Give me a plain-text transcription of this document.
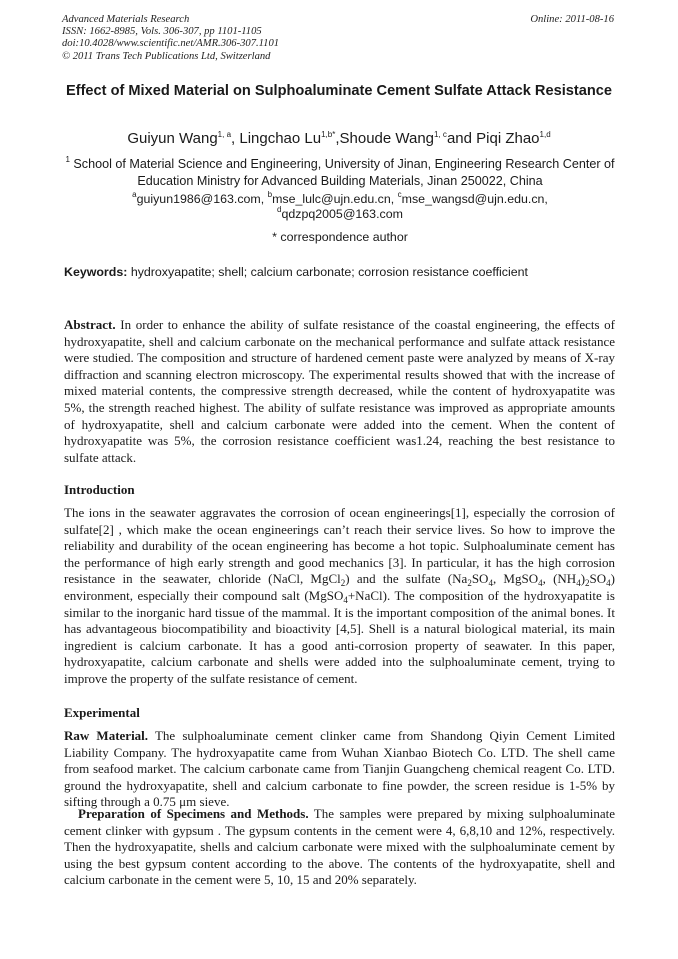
Advanced Materials Research
ISSN: 1662-8985, Vols. 306-307, pp 1101-1105
doi:10.4028/www.scientific.net/AMR.306-307.1101
© 2011 Trans Tech Publications Ltd, Switzerland
Online: 2011-08-16
Effect of Mixed Material on Sulphoaluminate Cement Sulfate Attack Resistance
Guiyun Wang$^{1, a}$, Lingchao $Lu^{1,b*},Shoude$ Wang$^{1, c}$and Piqi Zhao$^{1,d}$
$^1$ School of Material Science and Engineering, University of Jinan, Engineering Research Center of Education Ministry for Advanced Building Materials, Jinan 250022, China
$^a$guiyun1986@163.com, $^b$mse_lulc@ujn.edu.cn, $^c$mse_wangsd@ujn.edu.cn,
$^d$qdzpq2005@163.com
* correspondence author
Keywords: hydroxyapatite; shell; calcium carbonate; corrosion resistance coefficient
Abstract. In order to enhance the ability of sulfate resistance of the coastal engineering, the effects of hydroxyapatite, shell and calcium carbonate on the mechanical performance and sulfate attack resistance were studied. The composition and structure of hardened cement paste were analyzed by means of X-ray diffraction and scanning electron microscopy. The experimental results showed that with the increase of mixed material contents, the compressive strength decreased, while the content of hydroxyapatite was 5%, the strength reached highest. The ability of sulfate resistance was improved as appropriate amounts of hydroxyapatite, shell and calcium carbonate were added into the cement. When the content of hydroxyapatite was 5%, the corrosion resistance coefficient was1.24, reaching the best resistance to sulfate attack.
Introduction
The ions in the seawater aggravates the corrosion of ocean engineerings[1], especially the corrosion of sulfate[2] , which make the ocean engineerings can’t reach their service lives. So how to improve the reliability and durability of the ocean engineering has become a hot topic. Sulphoaluminate cement has the performance of high early strength and good mechanics [3]. In particular, it has the high corrosion resistance in the seawater, chloride (NaCl, MgCl$_2$) and the sulfate ($Na_2SO_4$, MgSO$_4$, $(NH_4)_2SO_4$) environment, especially their compound salt (MgSO$_4$+NaCl). The composition of the hydroxyapatite is similar to the inorganic hard tissue of the mammal. It is the important composition of the animal bones. It has advantageous biocompatibility and bioactivity [4,5]. Shell is a natural biological material, its main ingredient is calcium carbonate. It has a good anti-corrosion property of seawater. In this paper, hydroxyapatite, calcium carbonate and shells were added into the sulphoaluminate cement, trying to improve the property of the sulfate resistance of cement.
Experimental
Raw Material. The sulphoaluminate cement clinker came from Shandong Qiyin Cement Limited Liability Company. The hydroxyapatite came from Wuhan Xianbao Biotech Co. LTD. The shell came from seafood market. The calcium carbonate came from Tianjin Guangcheng chemical reagent Co. LTD. ground the hydroxyapatite, shell and calcium carbonate to fine powder, the screen residue is 1-5% by sifting through a 0.75 μm sieve.
Preparation of Specimens and Methods. The samples were prepared by mixing sulphoaluminate cement clinker with gypsum . The gypsum contents in the cement were 4, 6,8,10 and 12%, respectively. Then the hydroxyapatite, shells and calcium carbonate were mixed with the sulphoaluminate cement by using the best gypsum content according to the above. The contents of the hydroxyapatite, shell and calcium carbonate in the cement were 5, 10, 15 and 20% separately.
